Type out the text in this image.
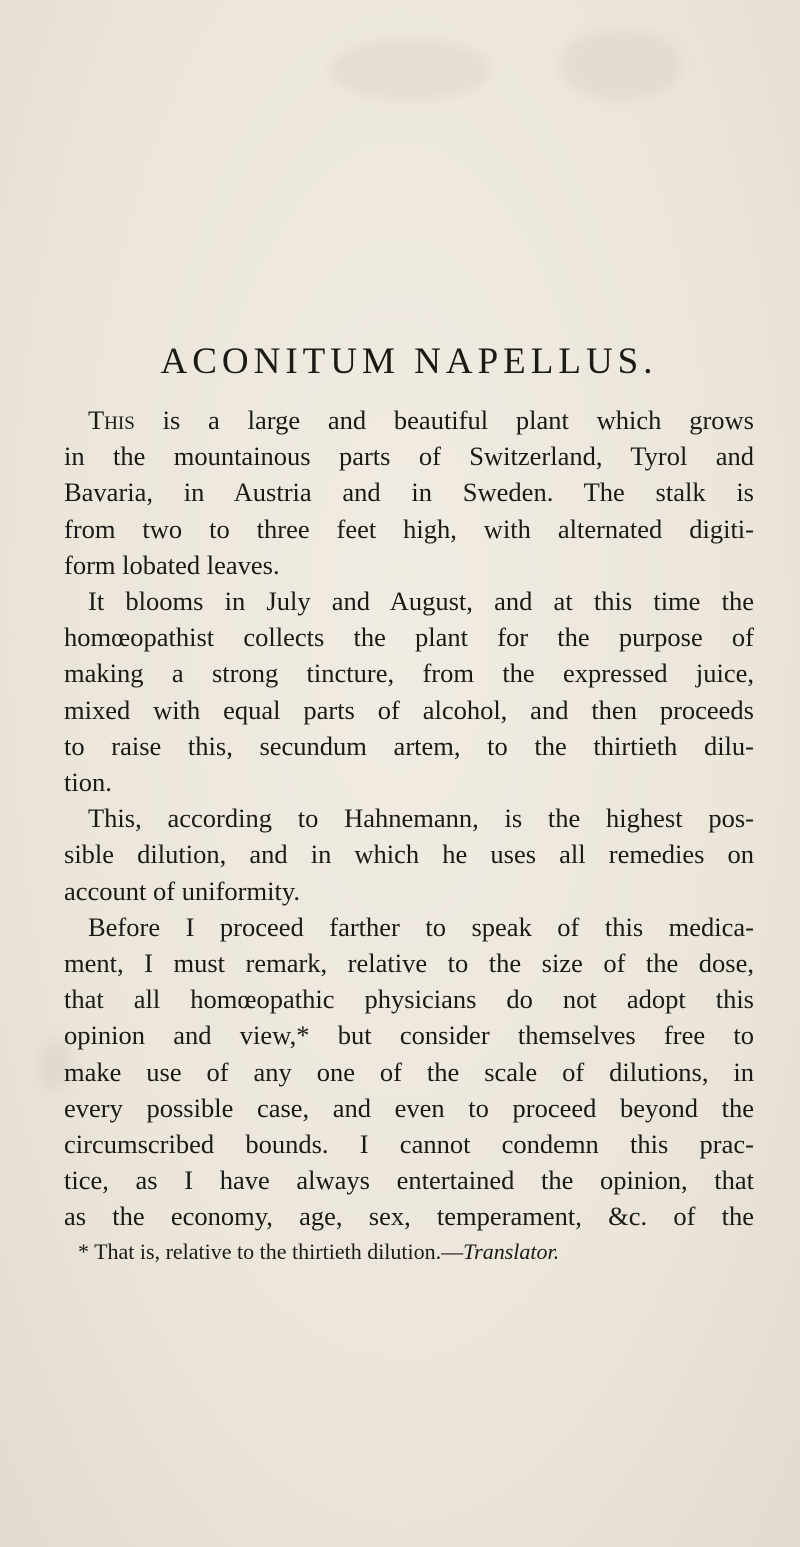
ACONITUM NAPELLUS.

This is a large and beautiful plant which grows
in the mountainous parts of Switzerland, Tyrol and
Bavaria, in Austria and in Sweden. The stalk is
from two to three feet high, with alternated digiti-
form lobated leaves.

It blooms in July and August, and at this time the
homœopathist collects the plant for the purpose of
making a strong tincture, from the expressed juice,
mixed with equal parts of alcohol, and then proceeds
to raise this, secundum artem, to the thirtieth dilu-
tion.

This, according to Hahnemann, is the highest pos-
sible dilution, and in which he uses all remedies on
account of uniformity.

Before I proceed farther to speak of this medica-
ment, I must remark, relative to the size of the dose,
that all homœopathic physicians do not adopt this
opinion and view,* but consider themselves free to
make use of any one of the scale of dilutions, in
every possible case, and even to proceed beyond the
circumscribed bounds. I cannot condemn this prac-
tice, as I have always entertained the opinion, that
as the economy, age, sex, temperament, &c. of the

* That is, relative to the thirtieth dilution.—Translator.
